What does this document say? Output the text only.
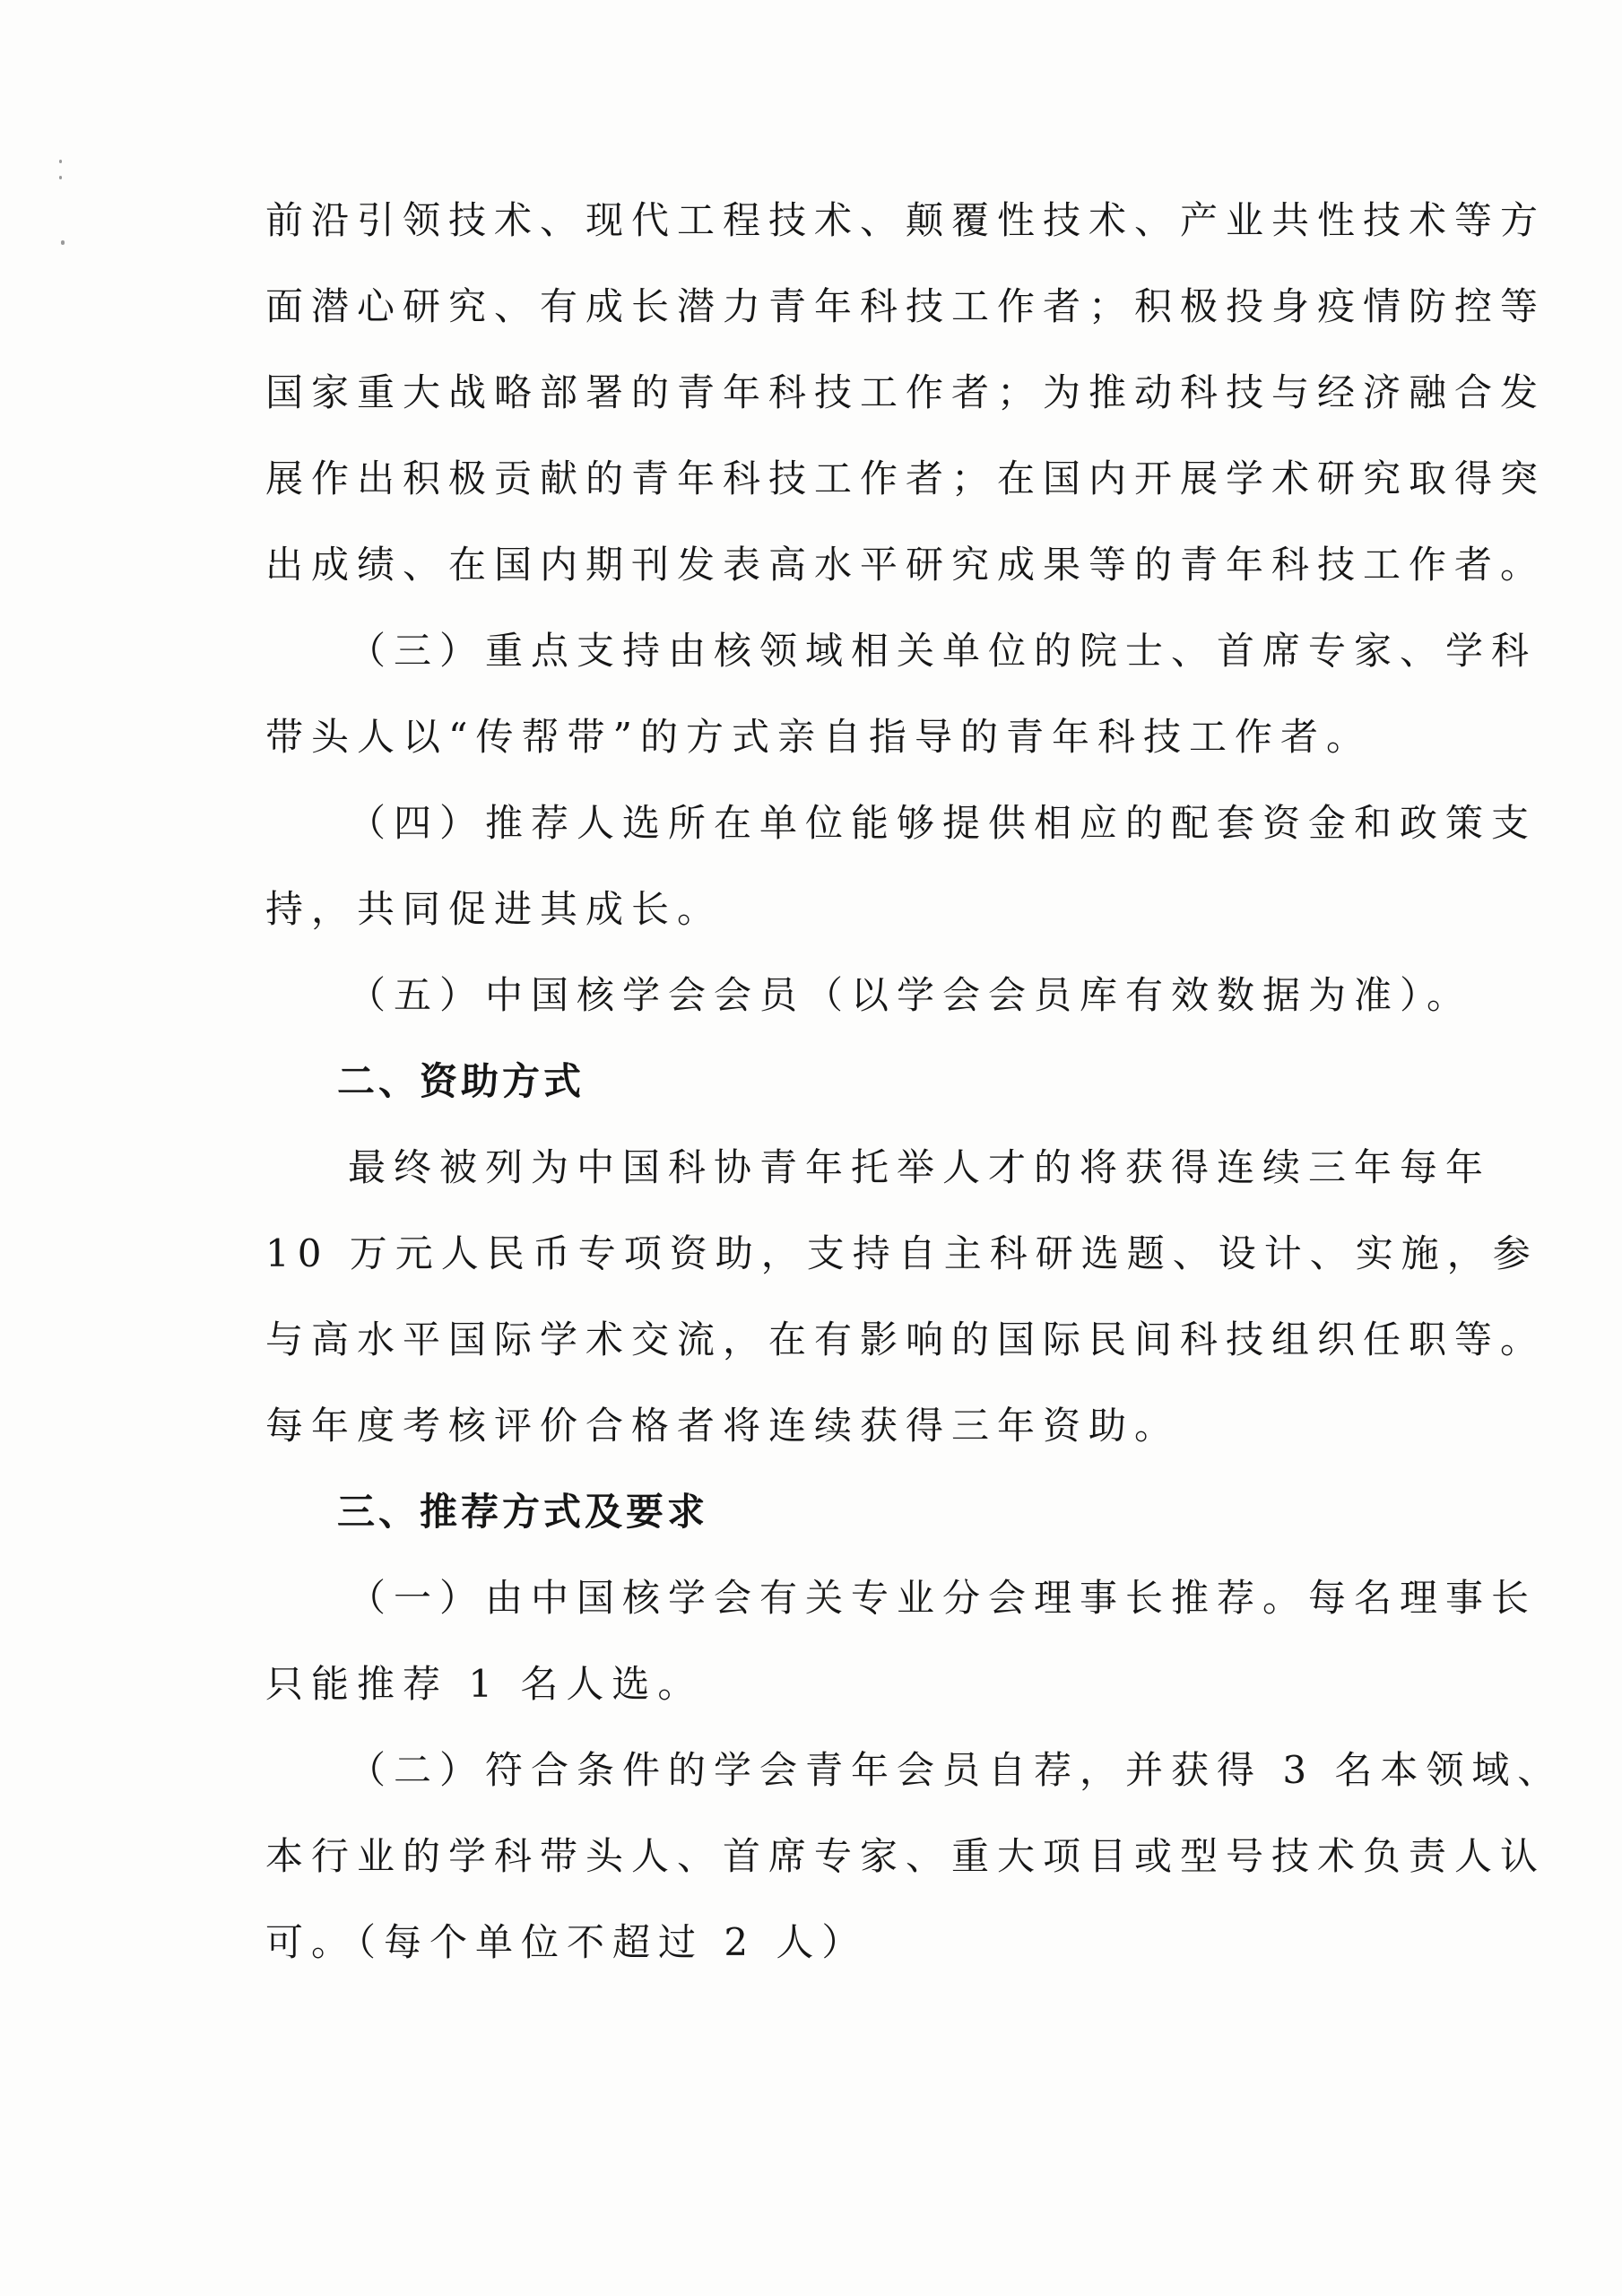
前沿引领技术、现代工程技术、颠覆性技术、产业共性技术等方
面潜心研究、有成长潜力青年科技工作者；积极投身疫情防控等
国家重大战略部署的青年科技工作者；为推动科技与经济融合发
展作出积极贡献的青年科技工作者；在国内开展学术研究取得突
出成绩、在国内期刊发表高水平研究成果等的青年科技工作者。
（三）重点支持由核领域相关单位的院士、首席专家、学科
带头人以“传帮带”的方式亲自指导的青年科技工作者。
（四）推荐人选所在单位能够提供相应的配套资金和政策支
持，共同促进其成长。
（五）中国核学会会员（以学会会员库有效数据为准）。
二、资助方式
最终被列为中国科协青年托举人才的将获得连续三年每年
10 万元人民币专项资助，支持自主科研选题、设计、实施，参
与高水平国际学术交流，在有影响的国际民间科技组织任职等。
每年度考核评价合格者将连续获得三年资助。
三、推荐方式及要求
（一）由中国核学会有关专业分会理事长推荐。每名理事长
只能推荐 1 名人选。
（二）符合条件的学会青年会员自荐，并获得 3 名本领域、
本行业的学科带头人、首席专家、重大项目或型号技术负责人认
可。（每个单位不超过 2 人）
